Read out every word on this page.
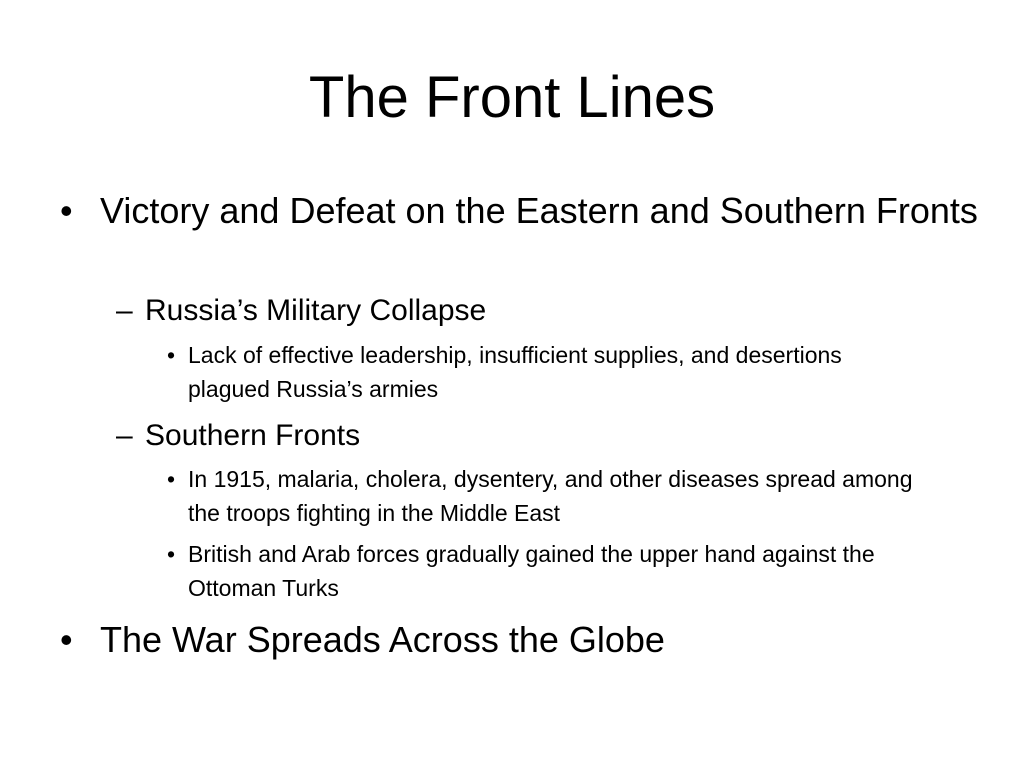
The Front Lines
• Victory and Defeat on the Eastern and Southern Fronts
– Russia’s Military Collapse
• Lack of effective leadership, insufficient supplies, and desertions plagued Russia’s armies
– Southern Fronts
• In 1915, malaria, cholera, dysentery, and other diseases spread among the troops fighting in the Middle East
• British and Arab forces gradually gained the upper hand against the Ottoman Turks
• The War Spreads Across the Globe
